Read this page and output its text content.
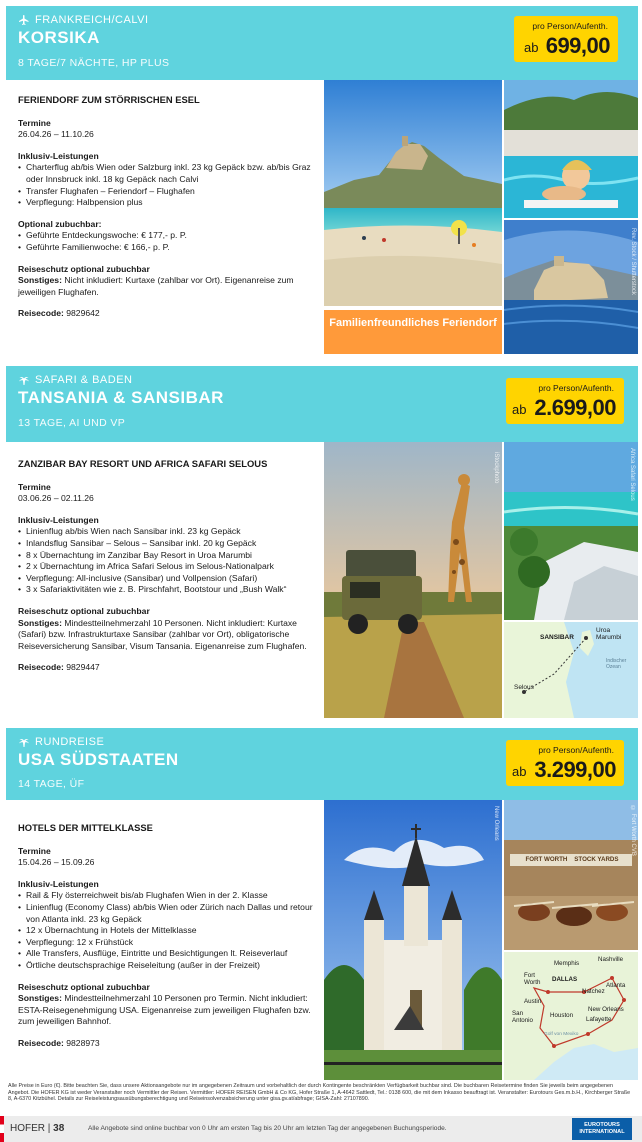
FRANKREICH/CALVI
KORSIKA
8 TAGE/7 NÄCHTE, HP PLUS
pro Person/Aufenth.
ab 699,00
FERIENDORF ZUM STÖRRISCHEN ESEL
Termine
26.04.26 – 11.10.26
Inklusiv-Leistungen
• Charterflug ab/bis Wien oder Salzburg inkl. 23 kg Gepäck bzw. ab/bis Graz oder Innsbruck inkl. 18 kg Gepäck nach Calvi
• Transfer Flughafen – Feriendorf – Flughafen
• Verpflegung: Halbpension plus
Optional zubuchbar:
• Geführte Entdeckungswoche: € 177,- p. P.
• Geführte Familienwoche: € 166,- p. P.
Reiseschutz optional zubuchbar
Sonstiges: Nicht inkludiert: Kurtaxe (zahlbar vor Ort). Eigenanreise zum jeweiligen Flughafen.
Reisecode: 9829642
Rev. Stock / Shutterstock
Familienfreundliches Feriendorf
SAFARI & BADEN
TANSANIA & SANSIBAR
13 TAGE, AI UND VP
pro Person/Aufenth.
ab 2.699,00
ZANZIBAR BAY RESORT UND AFRICA SAFARI SELOUS
Termine
03.06.26 – 02.11.26
Inklusiv-Leistungen
• Linienflug ab/bis Wien nach Sansibar inkl. 23 kg Gepäck
• Inlandsflug Sansibar – Selous – Sansibar inkl. 20 kg Gepäck
• 8 x Übernachtung im Zanzibar Bay Resort in Uroa Marumbi
• 2 x Übernachtung im Africa Safari Selous im Selous-Nationalpark
• Verpflegung: All-inclusive (Sansibar) und Vollpension (Safari)
• 3 x Safariaktivitäten wie z. B. Pirschfahrt, Bootstour und „Bush Walk“
Reiseschutz optional zubuchbar
Sonstiges: Mindestteilnehmerzahl 10 Personen. Nicht inkludiert: Kurtaxe (Safari) bzw. Infrastrukturtaxe Sansibar (zahlbar vor Ort), obligatorische Reiseversicherung Sansibar, Visum Tansania. Eigenanreise zum Flughafen.
Reisecode: 9829447
iStockphoto	Africa Safari Selous
SANSIBAR
Uroa Marumbi
Selous
Indischer Ozean
RUNDREISE
USA SÜDSTAATEN
14 TAGE, ÜF
pro Person/Aufenth.
ab 3.299,00
HOTELS DER MITTELKLASSE
Termine
15.04.26 – 15.09.26
Inklusiv-Leistungen
• Rail & Fly österreichweit bis/ab Flughafen Wien in der 2. Klasse
• Linienflug (Economy Class) ab/bis Wien oder Zürich nach Dallas und retour von Atlanta inkl. 23 kg Gepäck
• 12 x Übernachtung in Hotels der Mittelklasse
• Verpflegung: 12 x Frühstück
• Alle Transfers, Ausflüge, Eintritte und Besichtigungen lt. Reiseverlauf
• Örtliche deutschsprachige Reiseleitung (außer in der Freizeit)
Reiseschutz optional zubuchbar
Sonstiges: Mindestteilnehmerzahl 10 Personen pro Termin. Nicht inkludiert: ESTA-Reisegenehmigung USA. Eigenanreise zum jeweiligen Flughafen bzw. zum jeweiligen Bahnhof.
Reisecode: 9828973
New Orleans
FORT WORTH    STOCK YARDS
© Fort Worth CVB
Memphis
Nashville
Fort Worth	DALLAS
Atlanta
Natchez
Austin
New Orleans
San Antonio
Houston
Lafayette
Golf von Mexiko
Alle Preise in Euro (€). Bitte beachten Sie, dass unsere Aktionsangebote nur im angegebenen Zeitraum und vorbehaltlich der durch Kontingente beschränkten Verfügbarkeit buchbar sind. Die buchbaren Reisetermine finden Sie jeweils beim angegebenen Angebot. Die HOFER KG ist weder Veranstalter noch Vermittler der Reisen. Vermittler: HOFER REISEN GmbH & Co KG, Hofer Straße 1, A-4642 Sattledt, Tel.: 0138 600, die mit dem Inkasso beauftragt ist. Veranstalter: Eurotours Ges.m.b.H., Kirchberger Straße 8, A-6370 Kitzbühel. Details zur Reiseleistungsausübungsberechtigung und Reiseinsolvenzabsicherung unter gisa.gv.at/abfrage; GISA-Zahl: 27107890.
HOFER | 38	Alle Angebote sind online buchbar von 0 Uhr am ersten Tag bis 20 Uhr am letzten Tag der angegebenen Buchungsperiode.	EUROTOURS INTERNATIONAL
